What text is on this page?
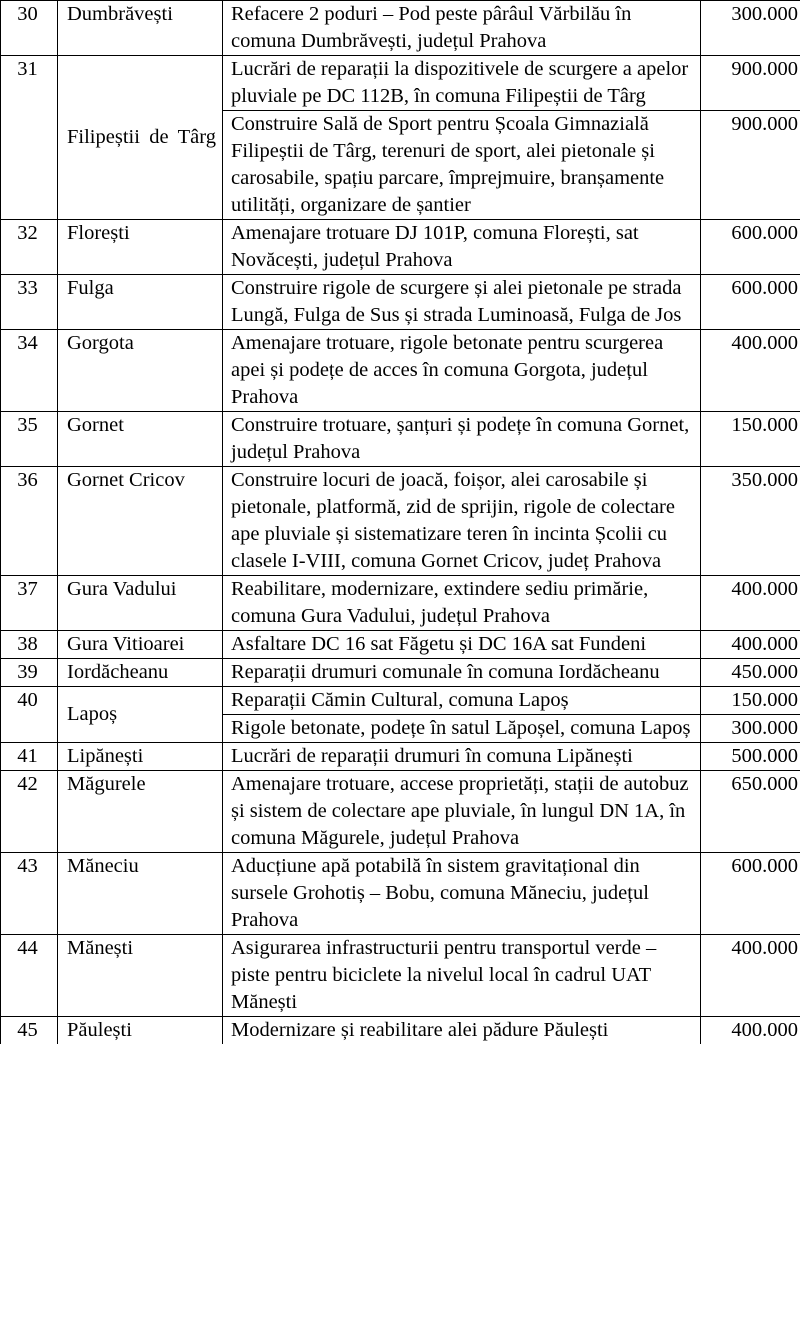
30	Dumbrăvești	Refacere 2 poduri – Pod peste pârâul Vărbilău în comuna Dumbrăvești, județul Prahova	300.000
31	Filipeștii de Târg	Lucrări de reparații la dispozitivele de scurgere a apelor pluviale pe DC 112B, în comuna Filipeștii de Târg	900.000
		Construire Sală de Sport pentru Școala Gimnazială Filipeștii de Târg, terenuri de sport, alei pietonale și carosabile, spațiu parcare, împrejmuire, branșamente utilități, organizare de șantier	900.000
32	Florești	Amenajare trotuare DJ 101P, comuna Florești, sat Novăcești, județul Prahova	600.000
33	Fulga	Construire rigole de scurgere și alei pietonale pe strada Lungă, Fulga de Sus și strada Luminoasă, Fulga de Jos	600.000
34	Gorgota	Amenajare trotuare, rigole betonate pentru scurgerea apei și podețe de acces în comuna Gorgota, județul Prahova	400.000
35	Gornet	Construire trotuare, șanțuri și podețe în comuna Gornet, județul Prahova	150.000
36	Gornet Cricov	Construire locuri de joacă, foișor, alei carosabile și pietonale, platformă, zid de sprijin, rigole de colectare ape pluviale și sistematizare teren în incinta Școlii cu clasele I-VIII, comuna Gornet Cricov, județ Prahova	350.000
37	Gura Vadului	Reabilitare, modernizare, extindere sediu primărie, comuna Gura Vadului, județul Prahova	400.000
38	Gura Vitioarei	Asfaltare DC 16 sat Făgetu și DC 16A sat Fundeni	400.000
39	Iordăcheanu	Reparații drumuri comunale în comuna Iordăcheanu	450.000
40	Lapoș	Reparații Cămin Cultural, comuna Lapoș	150.000
		Rigole betonate, podețe în satul Lăpoșel, comuna Lapoș	300.000
41	Lipănești	Lucrări de reparații drumuri în comuna Lipănești	500.000
42	Măgurele	Amenajare trotuare, accese proprietăți, stații de autobuz și sistem de colectare ape pluviale, în lungul DN 1A, în comuna Măgurele, județul Prahova	650.000
43	Măneciu	Aducțiune apă potabilă în sistem gravitațional din sursele Grohotiș – Bobu, comuna Măneciu, județul Prahova	600.000
44	Mănești	Asigurarea infrastructurii pentru transportul verde – piste pentru biciclete la nivelul local în cadrul UAT Mănești	400.000
45	Păulești	Modernizare și reabilitare alei pădure Păulești	400.000
